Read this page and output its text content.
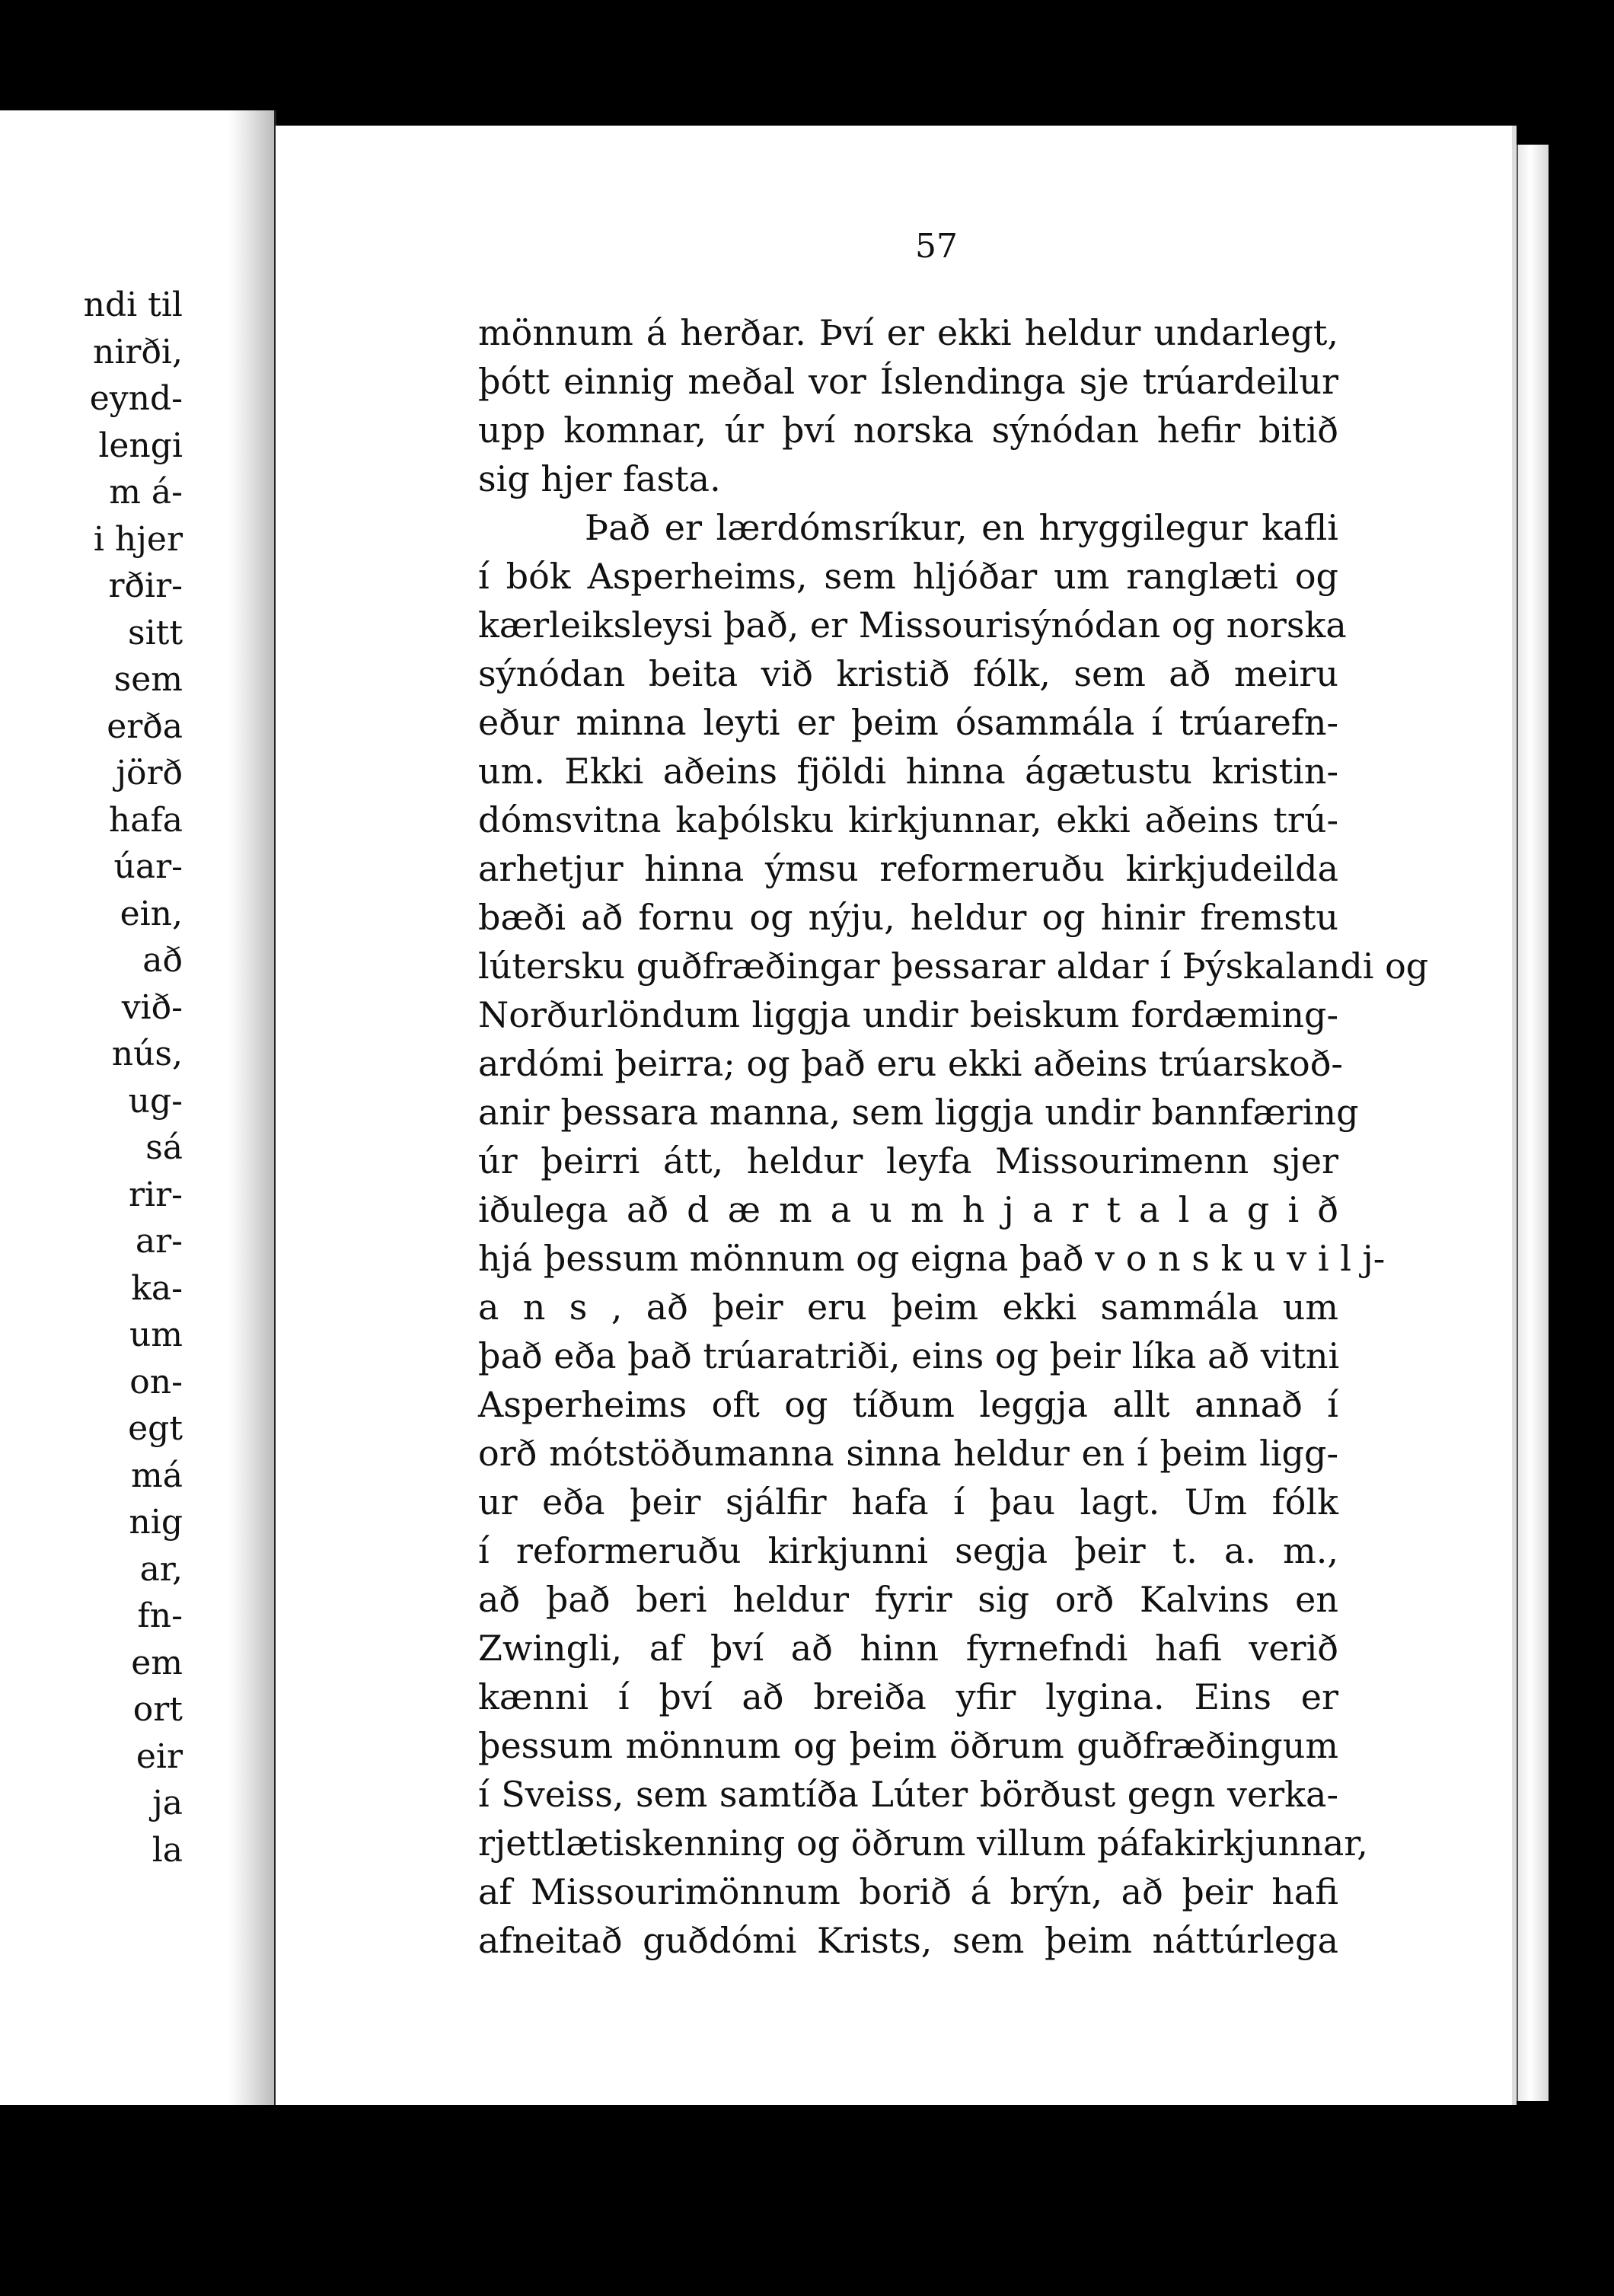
ndi til
nirði,
eynd-
lengi
m á-
i hjer
rðir-
sitt
sem
erða
jörð
hafa
úar-
ein,
að
við-
nús,
ug-
sá
rir-
ar-
ka-
um
on-
egt
má
nig
ar,
fn-
em
ort
eir
ja
la
57
mönnum á herðar. Því er ekki heldur undarlegt,
þótt einnig meðal vor Íslendinga sje trúardeilur
upp komnar, úr því norska sýnódan hefir bitið
sig hjer fasta.
Það er lærdómsríkur, en hryggilegur kafli
í bók Asperheims, sem hljóðar um ranglæti og
kærleiksleysi það, er Missourisýnódan og norska
sýnódan beita við kristið fólk, sem að meiru
eður minna leyti er þeim ósammála í trúarefn-
um. Ekki aðeins fjöldi hinna ágætustu kristin-
dómsvitna kaþólsku kirkjunnar, ekki aðeins trú-
arhetjur hinna ýmsu reformeruðu kirkjudeilda
bæði að fornu og nýju, heldur og hinir fremstu
lútersku guðfræðingar þessarar aldar í Þýskalandi og
Norðurlöndum liggja undir beiskum fordæming-
ardómi þeirra; og það eru ekki aðeins trúarskoð-
anir þessara manna, sem liggja undir bannfæring
úr þeirri átt, heldur leyfa Missourimenn sjer
iðulega að d æ m a u m h j a r t a l a g i ð
hjá þessum mönnum og eigna það v o n s k u v i l j-
a n s , að þeir eru þeim ekki sammála um
það eða það trúaratriði, eins og þeir líka að vitni
Asperheims oft og tíðum leggja allt annað í
orð mótstöðumanna sinna heldur en í þeim ligg-
ur eða þeir sjálfir hafa í þau lagt. Um fólk
í reformeruðu kirkjunni segja þeir t. a. m.,
að það beri heldur fyrir sig orð Kalvins en
Zwingli, af því að hinn fyrnefndi hafi verið
kænni í því að breiða yfir lygina. Eins er
þessum mönnum og þeim öðrum guðfræðingum
í Sveiss, sem samtíða Lúter börðust gegn verka-
rjettlætiskenning og öðrum villum páfakirkjunnar,
af Missourimönnum borið á brýn, að þeir hafi
afneitað guðdómi Krists, sem þeim náttúrlega
